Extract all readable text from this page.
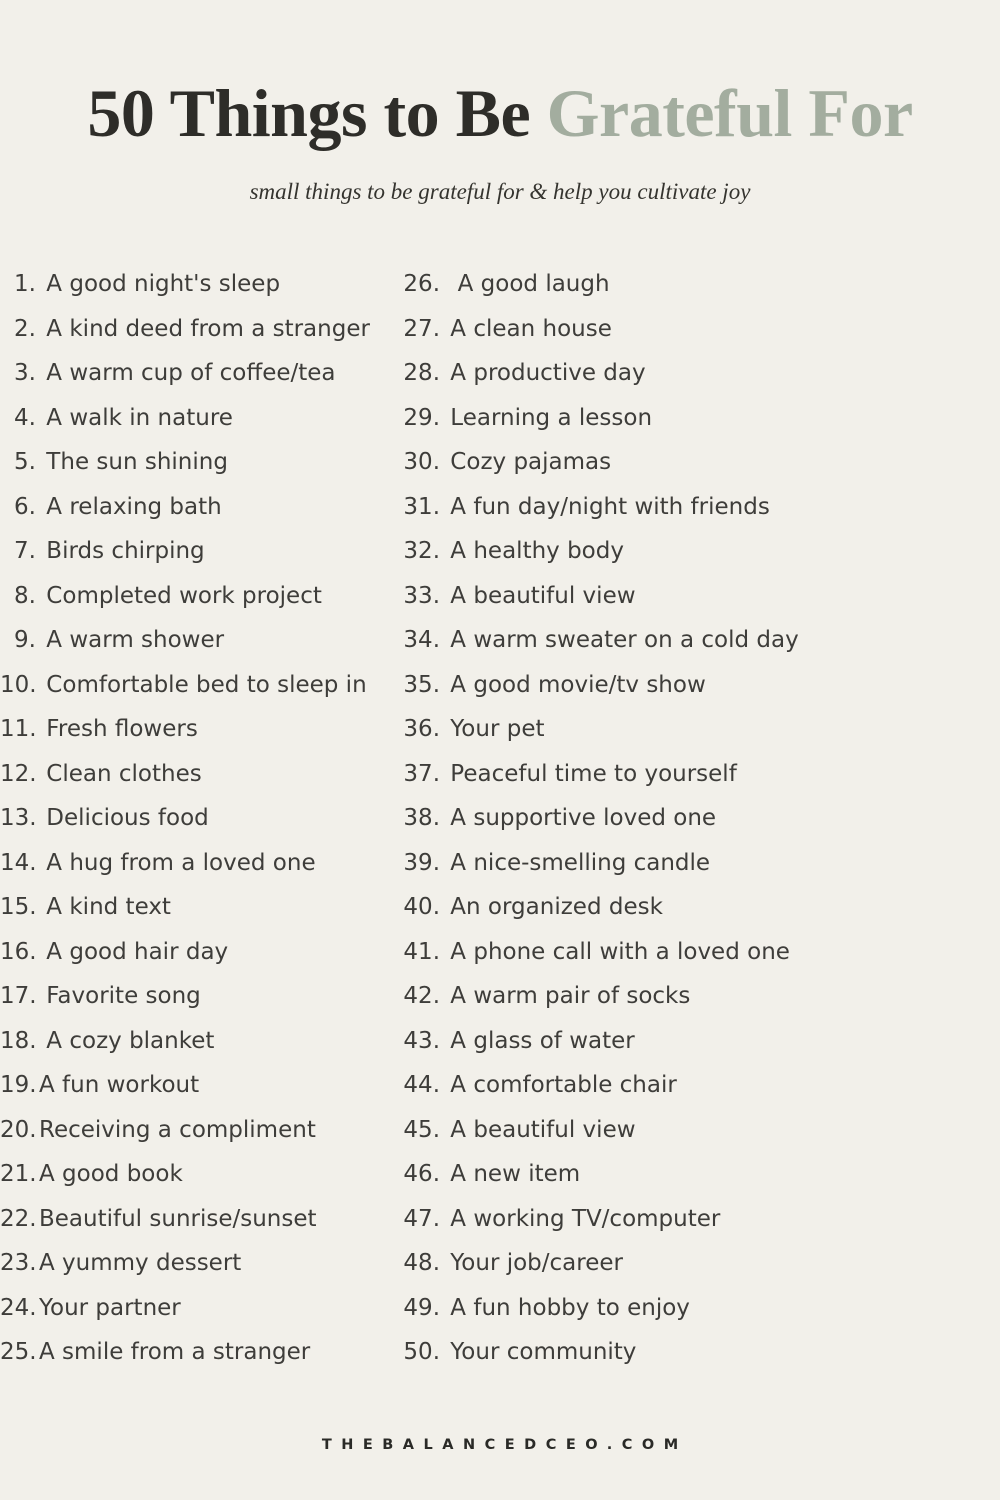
50 Things to Be Grateful For

small things to be grateful for & help you cultivate joy

1. A good night's sleep
2. A kind deed from a stranger
3. A warm cup of coffee/tea
4. A walk in nature
5. The sun shining
6. A relaxing bath
7. Birds chirping
8. Completed work project
9. A warm shower
10. Comfortable bed to sleep in
11. Fresh flowers
12. Clean clothes
13. Delicious food
14. A hug from a loved one
15. A kind text
16. A good hair day
17. Favorite song
18. A cozy blanket
19. A fun workout
20. Receiving a compliment
21. A good book
22. Beautiful sunrise/sunset
23. A yummy dessert
24. Your partner
25. A smile from a stranger
26. A good laugh
27. A clean house
28. A productive day
29. Learning a lesson
30. Cozy pajamas
31. A fun day/night with friends
32. A healthy body
33. A beautiful view
34. A warm sweater on a cold day
35. A good movie/tv show
36. Your pet
37. Peaceful time to yourself
38. A supportive loved one
39. A nice-smelling candle
40. An organized desk
41. A phone call with a loved one
42. A warm pair of socks
43. A glass of water
44. A comfortable chair
45. A beautiful view
46. A new item
47. A working TV/computer
48. Your job/career
49. A fun hobby to enjoy
50. Your community
THEBALANCEDCEO.COM
